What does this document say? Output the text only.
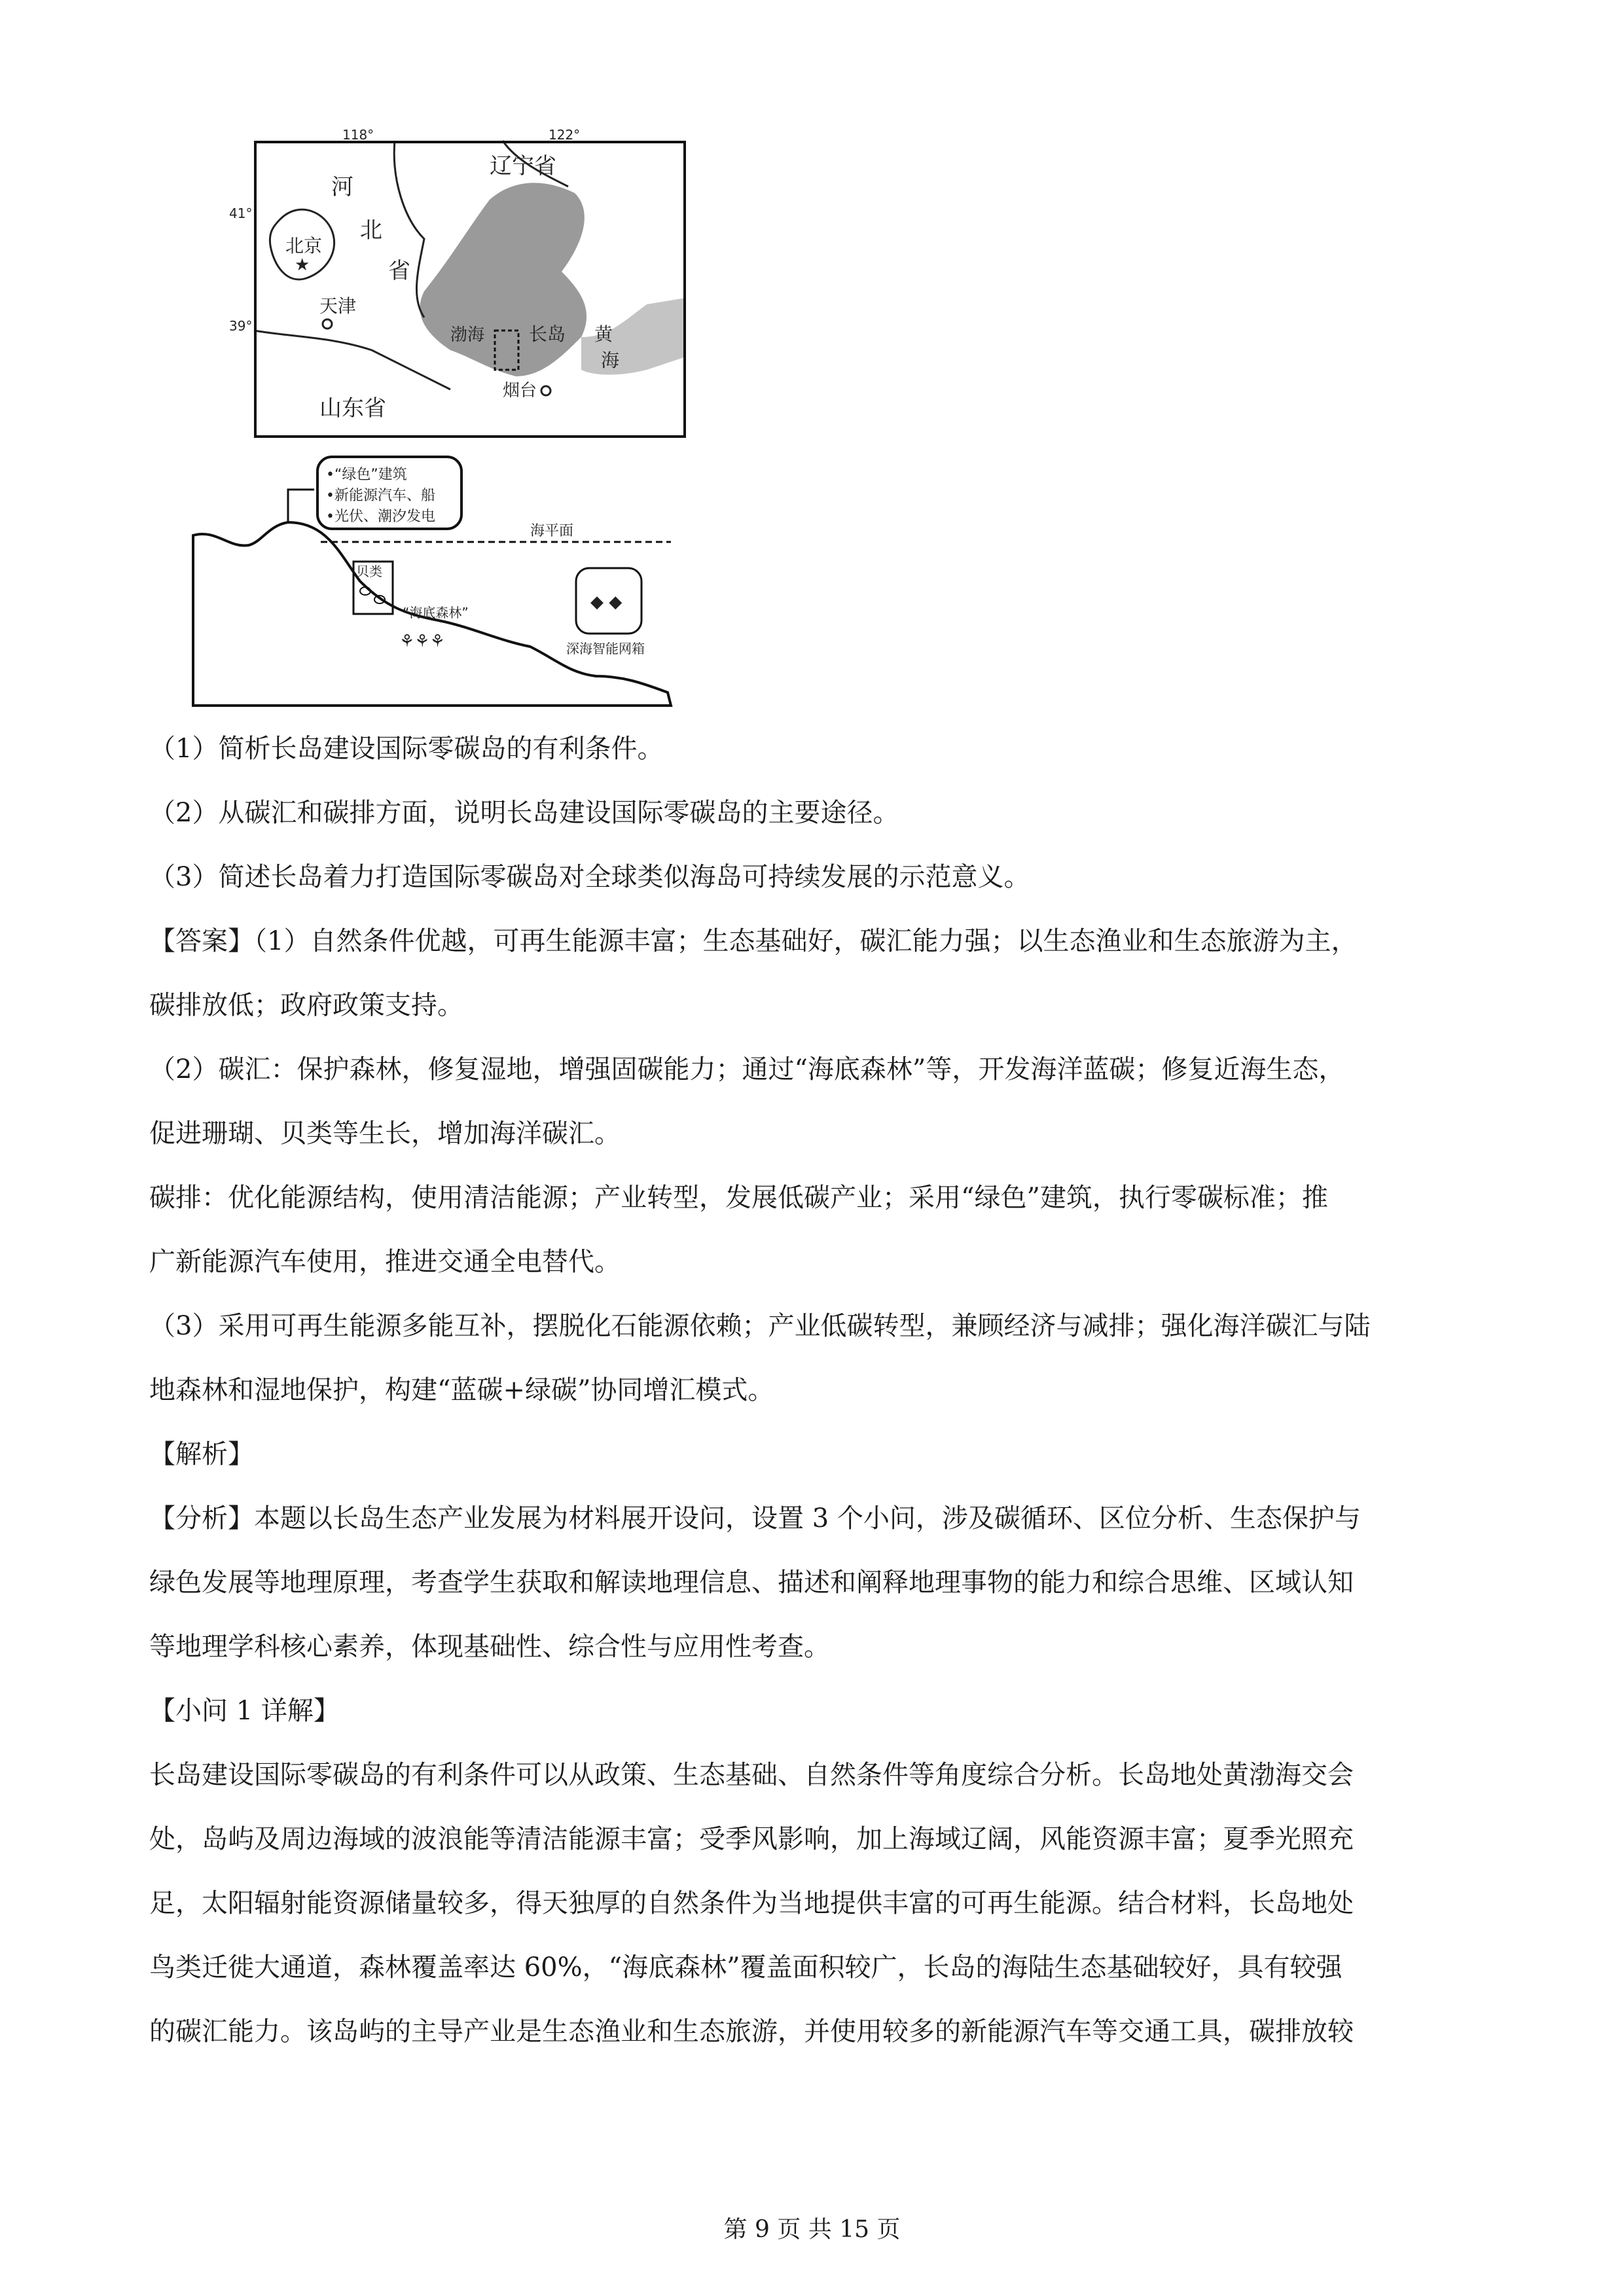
118°	122°
41°
39°
辽宁省
河
北
省
北京
★
天津
渤海 长岛 黄
海
烟台
山东省
海平面
•“绿色”建筑
•新能源汽车、船
•光伏、潮汐发电
贝类
“海底森林”
⚘⚘⚘
◆ ◆
深海智能网箱
（1）简析长岛建设国际零碳岛的有利条件。
（2）从碳汇和碳排方面，说明长岛建设国际零碳岛的主要途径。
（3）简述长岛着力打造国际零碳岛对全球类似海岛可持续发展的示范意义。
【答案】（1）自然条件优越，可再生能源丰富；生态基础好，碳汇能力强；以生态渔业和生态旅游为主，
碳排放低；政府政策支持。
（2）碳汇：保护森林，修复湿地，增强固碳能力；通过“海底森林”等，开发海洋蓝碳；修复近海生态，
促进珊瑚、贝类等生长，增加海洋碳汇。
碳排：优化能源结构，使用清洁能源；产业转型，发展低碳产业；采用“绿色”建筑，执行零碳标准；推
广新能源汽车使用，推进交通全电替代。
（3）采用可再生能源多能互补，摆脱化石能源依赖；产业低碳转型，兼顾经济与减排；强化海洋碳汇与陆
地森林和湿地保护，构建“蓝碳+绿碳”协同增汇模式。
【解析】
【分析】本题以长岛生态产业发展为材料展开设问，设置 3 个小问，涉及碳循环、区位分析、生态保护与
绿色发展等地理原理，考查学生获取和解读地理信息、描述和阐释地理事物的能力和综合思维、区域认知
等地理学科核心素养，体现基础性、综合性与应用性考查。
【小问 1 详解】
长岛建设国际零碳岛的有利条件可以从政策、生态基础、自然条件等角度综合分析。长岛地处黄渤海交会
处，岛屿及周边海域的波浪能等清洁能源丰富；受季风影响，加上海域辽阔，风能资源丰富；夏季光照充
足，太阳辐射能资源储量较多，得天独厚的自然条件为当地提供丰富的可再生能源。结合材料，长岛地处
鸟类迁徙大通道，森林覆盖率达 60%，“海底森林”覆盖面积较广，长岛的海陆生态基础较好，具有较强
的碳汇能力。该岛屿的主导产业是生态渔业和生态旅游，并使用较多的新能源汽车等交通工具，碳排放较
第 9 页 共 15 页
